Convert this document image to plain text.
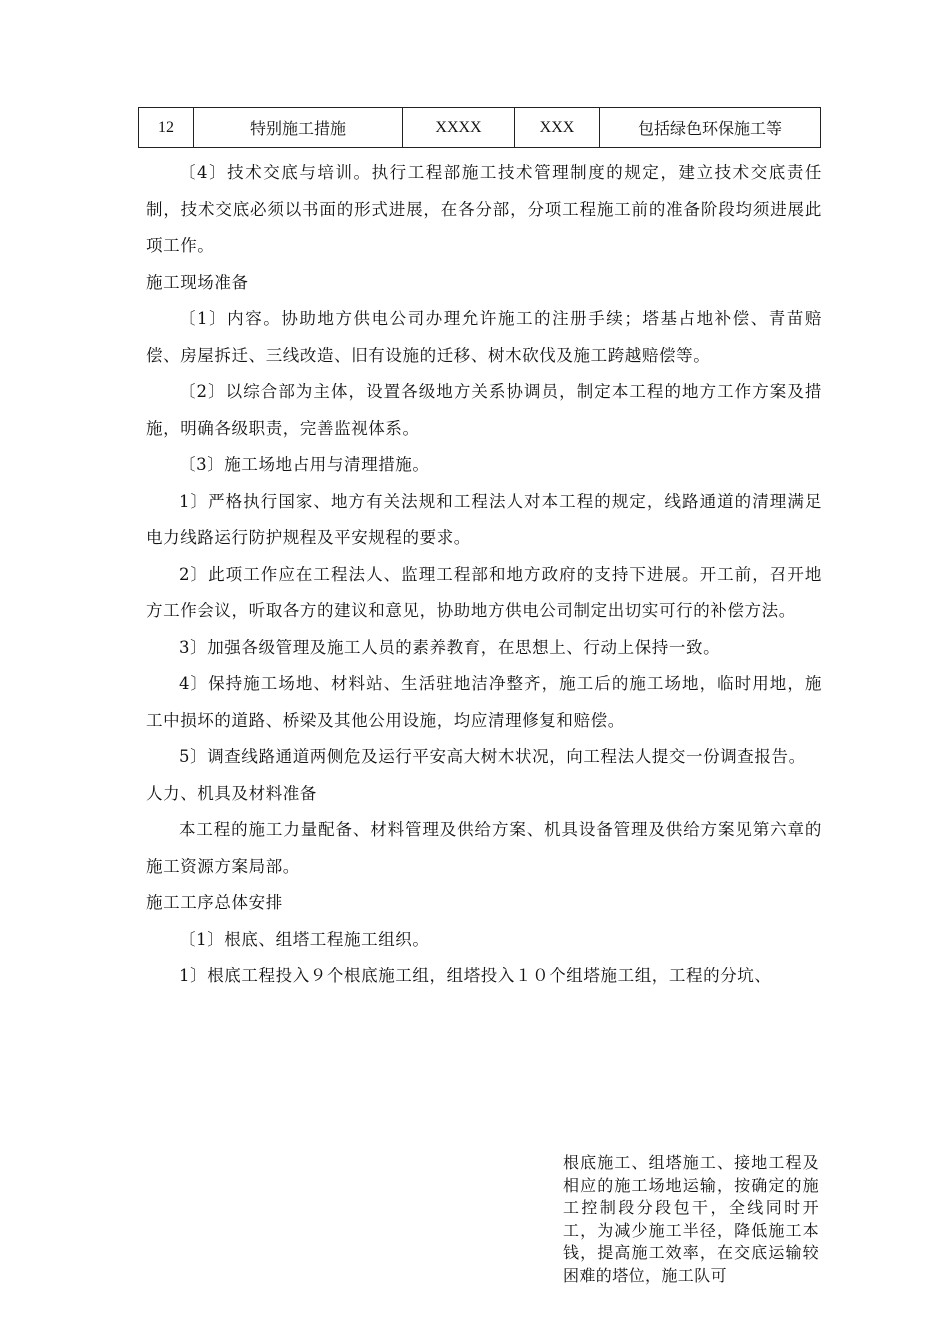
12	特别施工措施	XXXX	XXX	包括绿色环保施工等

〔4〕技术交底与培训。执行工程部施工技术管理制度的规定，建立技术交底责任制，技术交底必须以书面的形式进展，在各分部，分项工程施工前的准备阶段均须进展此项工作。

施工现场准备

〔1〕内容。协助地方供电公司办理允许施工的注册手续；塔基占地补偿、青苗赔偿、房屋拆迁、三线改造、旧有设施的迁移、树木砍伐及施工跨越赔偿等。

〔2〕以综合部为主体，设置各级地方关系协调员，制定本工程的地方工作方案及措施，明确各级职责，完善监视体系。

〔3〕施工场地占用与清理措施。

1〕严格执行国家、地方有关法规和工程法人对本工程的规定，线路通道的清理满足电力线路运行防护规程及平安规程的要求。

2〕此项工作应在工程法人、监理工程部和地方政府的支持下进展。开工前，召开地方工作会议，听取各方的建议和意见，协助地方供电公司制定出切实可行的补偿方法。

3〕加强各级管理及施工人员的素养教育，在思想上、行动上保持一致。

4〕保持施工场地、材料站、生活驻地洁净整齐，施工后的施工场地，临时用地，施工中损坏的道路、桥梁及其他公用设施，均应清理修复和赔偿。

5〕调查线路通道两侧危及运行平安高大树木状况，向工程法人提交一份调查报告。

人力、机具及材料准备

本工程的施工力量配备、材料管理及供给方案、机具设备管理及供给方案见第六章的施工资源方案局部。

施工工序总体安排

〔1〕根底、组塔工程施工组织。

1〕根底工程投入９个根底施工组，组塔投入１０个组塔施工组，工程的分坑、

根底施工、组塔施工、接地工程及相应的施工场地运输，按确定的施工控制段分段包干，全线同时开工，为减少施工半径，降低施工本钱，提高施工效率，在交底运输较困难的塔位，施工队可
